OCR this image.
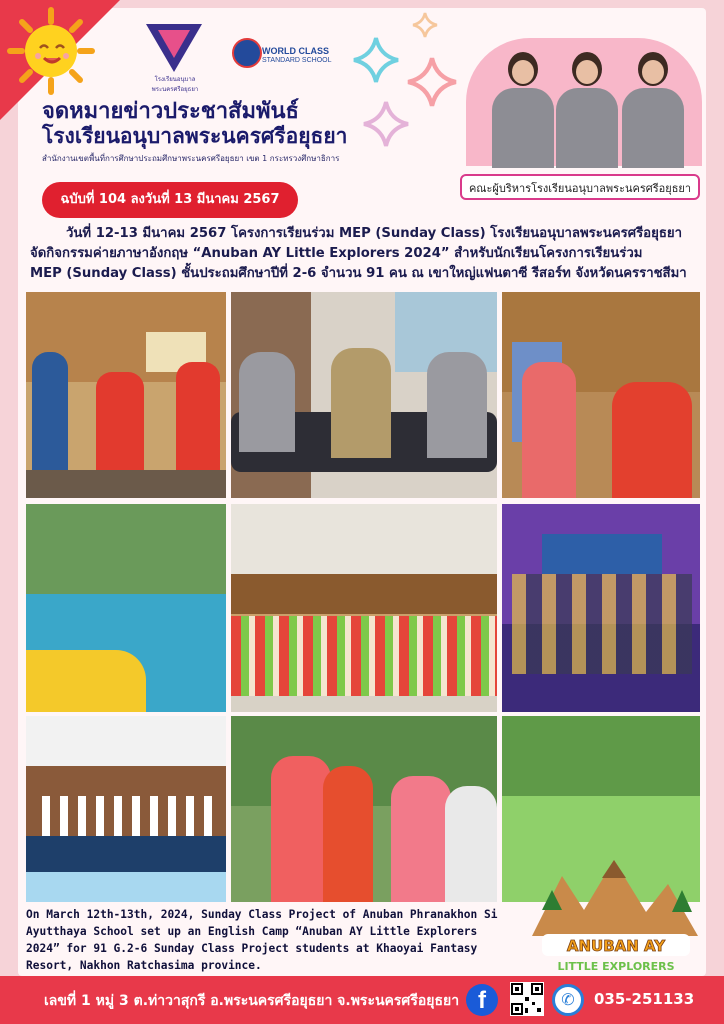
โรงเรียนอนุบาลพระนครศรีอยุธยา
WORLD CLASS
STANDARD SCHOOL
จดหมายข่าวประชาสัมพันธ์
โรงเรียนอนุบาลพระนครศรีอยุธยา
สำนักงานเขตพื้นที่การศึกษาประถมศึกษาพระนครศรีอยุธยา เขต 1 กระทรวงศึกษาธิการ
ฉบับที่ 104 ลงวันที่ 13 มีนาคม 2567
คณะผู้บริหารโรงเรียนอนุบาลพระนครศรีอยุธยา
วันที่ 12-13 มีนาคม 2567 โครงการเรียนร่วม MEP (Sunday Class) โรงเรียนอนุบาลพระนครศรีอยุธยา
จัดกิจกรรมค่ายภาษาอังกฤษ “Anuban AY Little Explorers 2024” สำหรับนักเรียนโครงการเรียนร่วม
MEP (Sunday Class) ชั้นประถมศึกษาปีที่ 2-6 จำนวน 91 คน ณ เขาใหญ่แฟนตาซี รีสอร์ท จังหวัดนครราชสีมา
On March 12th-13th, 2024, Sunday Class Project of Anuban Phranakhon Si Ayutthaya School set up an English Camp “Anuban AY Little Explorers 2024” for 91 G.2-6 Sunday Class Project students at Khaoyai Fantasy Resort, Nakhon Ratchasima province.
ANUBAN AY
LITTLE EXPLORERS
เลขที่ 1 หมู่ 3 ต.ท่าวาสุกรี อ.พระนครศรีอยุธยา จ.พระนครศรีอยุธยา f	✆	035-251133
